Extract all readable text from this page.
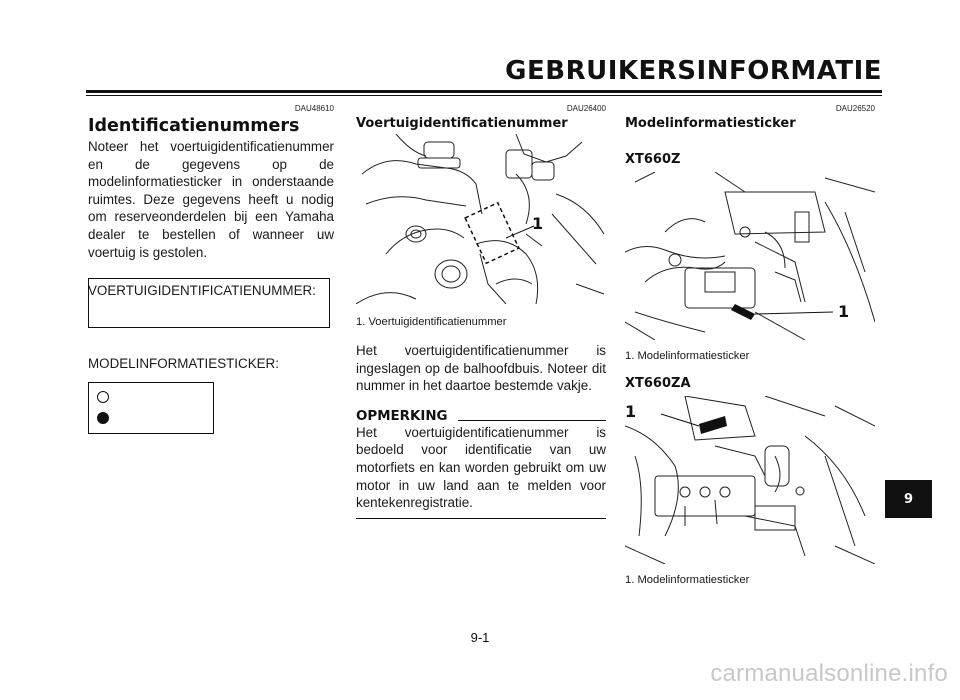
GEBRUIKERSINFORMATIE
DAU48610
Identificatienummers

Noteer het voertuigidentificatienummer en de gegevens op de modelinformatiesticker in onderstaande ruimtes. Deze gegevens heeft u nodig om reserveonderdelen bij een Yamaha dealer te bestellen of wanneer uw voertuig is gestolen.

VOERTUIGIDENTIFICATIENUMMER:
MODELINFORMATIESTICKER:
DAU26400
Voertuigidentificatienummer
1
1. Voertuigidentificatienummer

Het voertuigidentificatienummer is ingeslagen op de balhoofdbuis. Noteer dit nummer in het daartoe bestemde vakje.

OPMERKING

Het voertuigidentificatienummer is bedoeld voor identificatie van uw motorfiets en kan worden gebruikt om uw motor in uw land aan te melden voor kentekenregistratie.

DAU26520
Modelinformatiesticker
XT660Z
1
1. Modelinformatiesticker
XT660ZA
1
1. Modelinformatiesticker
9
9-1
carmanualsonline.info
